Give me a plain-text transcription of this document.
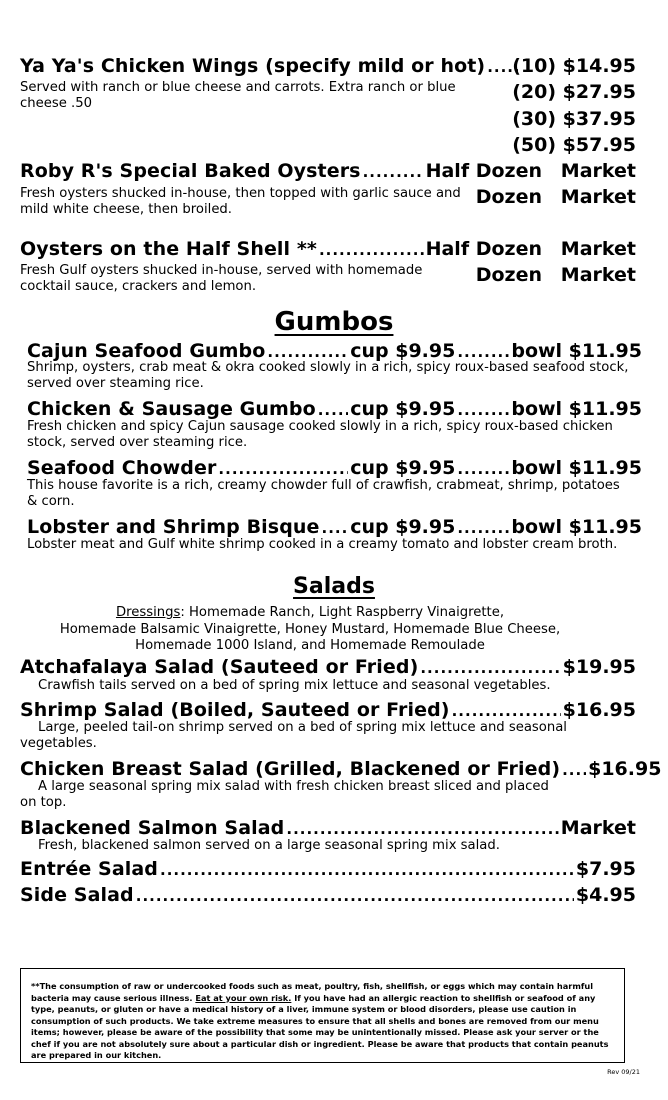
Ya Ya's Chicken Wings (specify mild or hot) .....	(10) $14.95
(20) $27.95
(30) $37.95
(50) $57.95
Served with ranch or blue cheese and carrots. Extra ranch or blue cheese .50
Roby R's Special Baked Oysters .....	Half Dozen Market
Dozen Market
Fresh oysters shucked in-house, then topped with garlic sauce and mild white cheese, then broiled.
Oysters on the Half Shell ** .....	Half Dozen Market
Dozen Market
Fresh Gulf oysters shucked in-house, served with homemade cocktail sauce, crackers and lemon.
Gumbos
Cajun Seafood Gumbo .....	cup $9.95 .....	bowl $11.95
Shrimp, oysters, crab meat & okra cooked slowly in a rich, spicy roux-based seafood stock, served over steaming rice.
Chicken & Sausage Gumbo ..... cup $9.95 .....	bowl $11.95
Fresh chicken and spicy Cajun sausage cooked slowly in a rich, spicy roux-based chicken stock, served over steaming rice.
Seafood Chowder .....	cup $9.95 .....	bowl $11.95
This house favorite is a rich, creamy chowder full of crawfish, crabmeat, shrimp, potatoes & corn.
Lobster and Shrimp Bisque ..... cup $9.95 .....	bowl $11.95
Lobster meat and Gulf white shrimp cooked in a creamy tomato and lobster cream broth.
Salads
Dressings: Homemade Ranch, Light Raspberry Vinaigrette,
Homemade Balsamic Vinaigrette, Honey Mustard, Homemade Blue Cheese,
Homemade 1000 Island, and Homemade Remoulade
Atchafalaya Salad (Sauteed or Fried) .....	$19.95
Crawfish tails served on a bed of spring mix lettuce and seasonal vegetables.
Shrimp Salad (Boiled, Sauteed or Fried) .....	$16.95
Large, peeled tail-on shrimp served on a bed of spring mix lettuce and seasonal vegetables.
Chicken Breast Salad (Grilled, Blackened or Fried) ..... $16.95
A large seasonal spring mix salad with fresh chicken breast sliced and placed on top.
Blackened Salmon Salad .....	Market
Fresh, blackened salmon served on a large seasonal spring mix salad.
Entrée Salad .....	$7.95
Side Salad .....	$4.95
**The consumption of raw or undercooked foods such as meat, poultry, fish, shellfish, or eggs which may contain harmful bacteria may cause serious illness. Eat at your own risk. If you have had an allergic reaction to shellfish or seafood of any type, peanuts, or gluten or have a medical history of a liver, immune system or blood disorders, please use caution in consumption of such products. We take extreme measures to ensure that all shells and bones are removed from our menu items; however, please be aware of the possibility that some may be unintentionally missed. Please ask your server or the chef if you are not absolutely sure about a particular dish or ingredient. Please be aware that products that contain peanuts are prepared in our kitchen.
Rev 09/21
